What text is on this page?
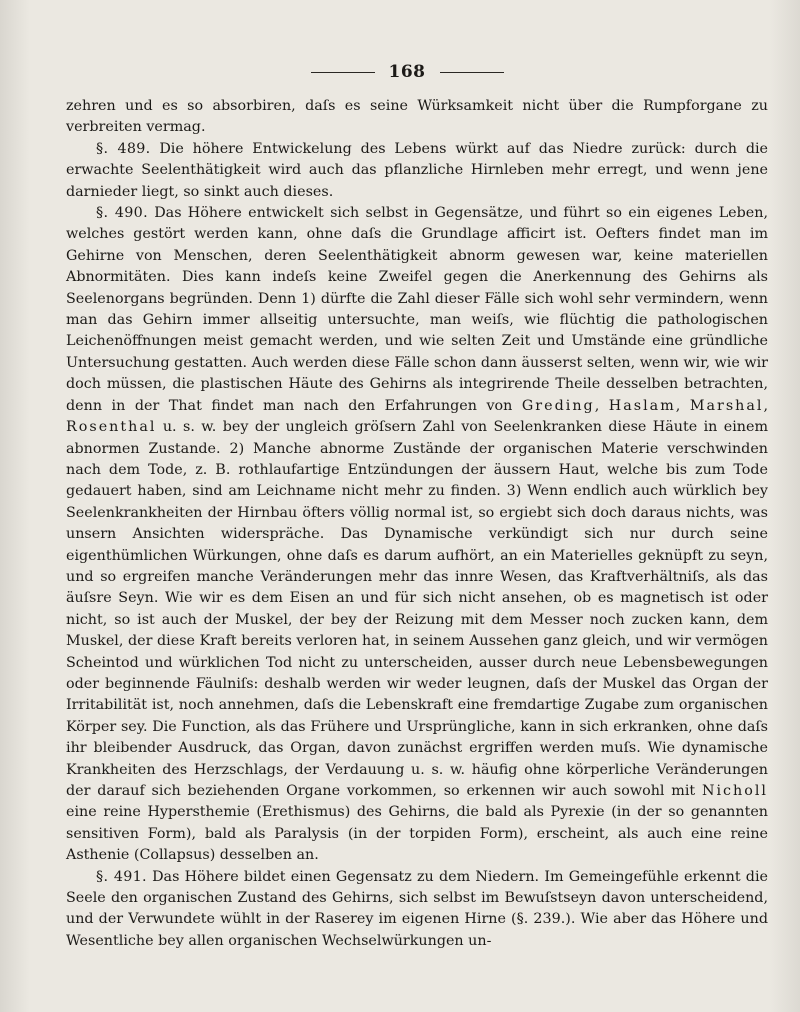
168

zehren und es so absorbiren, daſs es seine Würksamkeit nicht über die Rumpforgane zu verbreiten vermag.

§. 489. Die höhere Entwickelung des Lebens würkt auf das Niedre zurück: durch die erwachte Seelenthätigkeit wird auch das pflanzliche Hirnleben mehr erregt, und wenn jene darnieder liegt, so sinkt auch dieses.

§. 490. Das Höhere entwickelt sich selbst in Gegensätze, und führt so ein eigenes Leben, welches gestört werden kann, ohne daſs die Grundlage afficirt ist. Oefters findet man im Gehirne von Menschen, deren Seelenthätigkeit abnorm gewesen war, keine materiellen Abnormitäten. Dies kann indeſs keine Zweifel gegen die Anerkennung des Gehirns als Seelenorgans begründen. Denn 1) dürfte die Zahl dieser Fälle sich wohl sehr vermindern, wenn man das Gehirn immer allseitig untersuchte, man weiſs, wie flüchtig die pathologischen Leichenöffnungen meist gemacht werden, und wie selten Zeit und Umstände eine gründliche Untersuchung gestatten. Auch werden diese Fälle schon dann äusserst selten, wenn wir, wie wir doch müssen, die plastischen Häute des Gehirns als integrirende Theile desselben betrachten, denn in der That findet man nach den Erfahrungen von Greding, Haslam, Marshal, Rosenthal u. s. w. bey der ungleich gröſsern Zahl von Seelenkranken diese Häute in einem abnormen Zustande. 2) Manche abnorme Zustände der organischen Materie verschwinden nach dem Tode, z. B. rothlaufartige Entzündungen der äussern Haut, welche bis zum Tode gedauert haben, sind am Leichname nicht mehr zu finden. 3) Wenn endlich auch würklich bey Seelenkrankheiten der Hirnbau öfters völlig normal ist, so ergiebt sich doch daraus nichts, was unsern Ansichten widerspräche. Das Dynamische verkündigt sich nur durch seine eigenthümlichen Würkungen, ohne daſs es darum aufhört, an ein Materielles geknüpft zu seyn, und so ergreifen manche Veränderungen mehr das innre Wesen, das Kraftverhältniſs, als das äuſsre Seyn. Wie wir es dem Eisen an und für sich nicht ansehen, ob es magnetisch ist oder nicht, so ist auch der Muskel, der bey der Reizung mit dem Messer noch zucken kann, dem Muskel, der diese Kraft bereits verloren hat, in seinem Aussehen ganz gleich, und wir vermögen Scheintod und würklichen Tod nicht zu unterscheiden, ausser durch neue Lebensbewegungen oder beginnende Fäulniſs: deshalb werden wir weder leugnen, daſs der Muskel das Organ der Irritabilität ist, noch annehmen, daſs die Lebenskraft eine fremdartige Zugabe zum organischen Körper sey. Die Function, als das Frühere und Ursprüngliche, kann in sich erkranken, ohne daſs ihr bleibender Ausdruck, das Organ, davon zunächst ergriffen werden muſs. Wie dynamische Krankheiten des Herzschlags, der Verdauung u. s. w. häufig ohne körperliche Veränderungen der darauf sich beziehenden Organe vorkommen, so erkennen wir auch sowohl mit Nicholl eine reine Hypersthemie (Erethismus) des Gehirns, die bald als Pyrexie (in der so genannten sensitiven Form), bald als Paralysis (in der torpiden Form), erscheint, als auch eine reine Asthenie (Collapsus) desselben an.

§. 491. Das Höhere bildet einen Gegensatz zu dem Niedern. Im Gemeingefühle erkennt die Seele den organischen Zustand des Gehirns, sich selbst im Bewuſstseyn davon unterscheidend, und der Verwundete wühlt in der Raserey im eigenen Hirne (§. 239.). Wie aber das Höhere und Wesentliche bey allen organischen Wechselwürkungen un-
